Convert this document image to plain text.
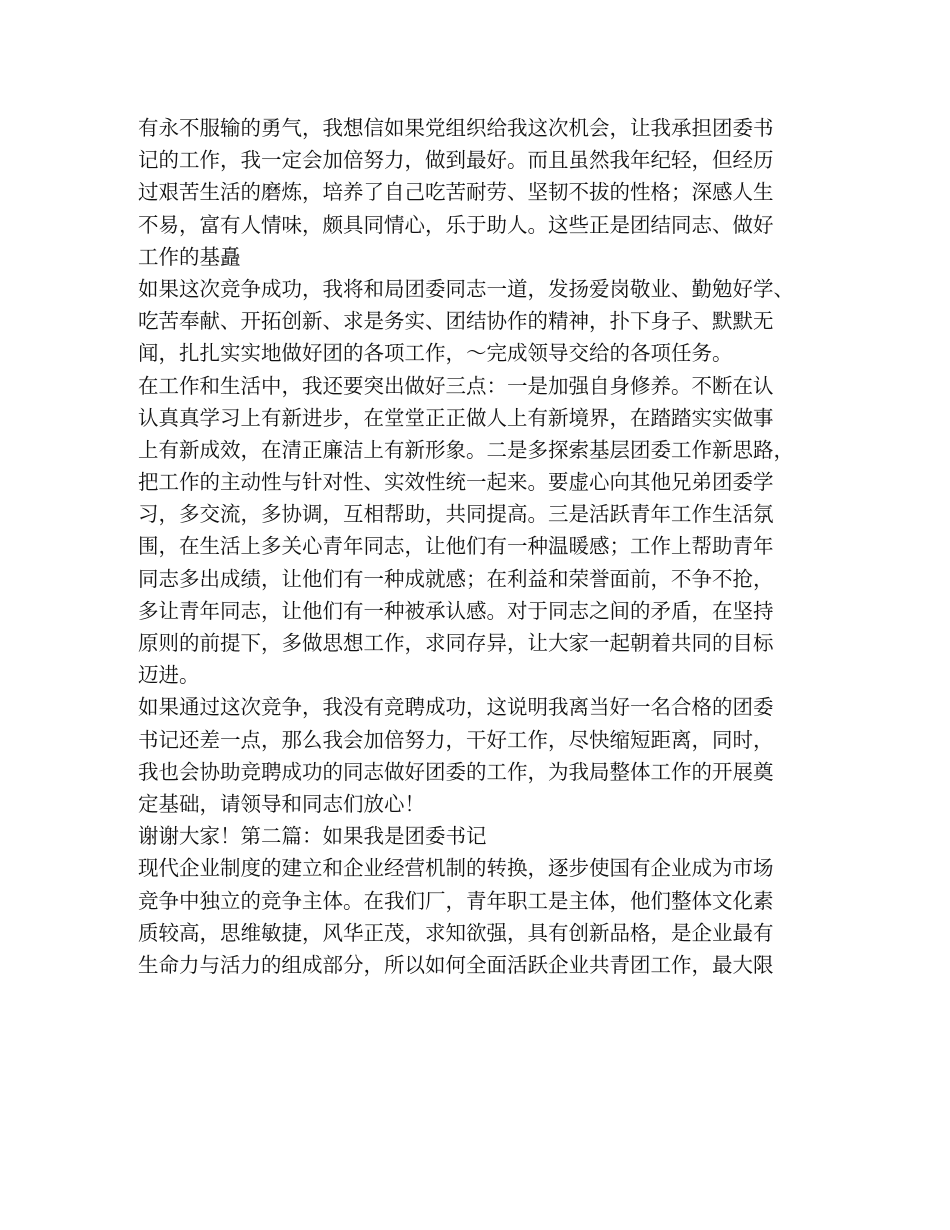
有永不服输的勇气，我想信如果党组织给我这次机会，让我承担团委书
记的工作，我一定会加倍努力，做到最好。而且虽然我年纪轻，但经历
过艰苦生活的磨炼，培养了自己吃苦耐劳、坚韧不拔的性格；深感人生
不易，富有人情味，颇具同情心，乐于助人。这些正是团结同志、做好
工作的基矗
如果这次竞争成功，我将和局团委同志一道，发扬爱岗敬业、勤勉好学、
吃苦奉献、开拓创新、求是务实、团结协作的精神，扑下身子、默默无
闻，扎扎实实地做好团的各项工作，～完成领导交给的各项任务。
在工作和生活中，我还要突出做好三点：一是加强自身修养。不断在认
认真真学习上有新进步，在堂堂正正做人上有新境界，在踏踏实实做事
上有新成效，在清正廉洁上有新形象。二是多探索基层团委工作新思路，
把工作的主动性与针对性、实效性统一起来。要虚心向其他兄弟团委学
习，多交流，多协调，互相帮助，共同提高。三是活跃青年工作生活氛
围，在生活上多关心青年同志，让他们有一种温暖感；工作上帮助青年
同志多出成绩，让他们有一种成就感；在利益和荣誉面前，不争不抢，
多让青年同志，让他们有一种被承认感。对于同志之间的矛盾，在坚持
原则的前提下，多做思想工作，求同存异，让大家一起朝着共同的目标
迈进。
如果通过这次竞争，我没有竞聘成功，这说明我离当好一名合格的团委
书记还差一点，那么我会加倍努力，干好工作，尽快缩短距离，同时，
我也会协助竞聘成功的同志做好团委的工作，为我局整体工作的开展奠
定基础，请领导和同志们放心！
谢谢大家！第二篇：如果我是团委书记
现代企业制度的建立和企业经营机制的转换，逐步使国有企业成为市场
竞争中独立的竞争主体。在我们厂，青年职工是主体，他们整体文化素
质较高，思维敏捷，风华正茂，求知欲强，具有创新品格，是企业最有
生命力与活力的组成部分，所以如何全面活跃企业共青团工作，最大限
